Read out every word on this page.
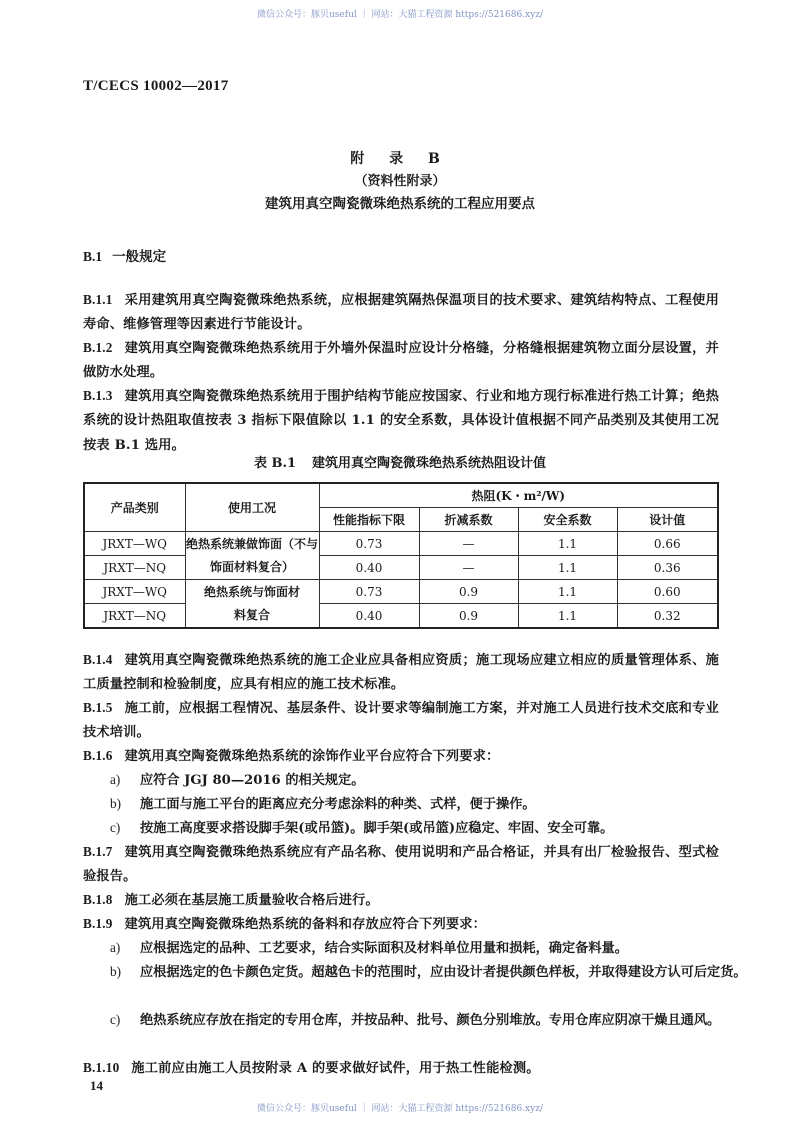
微信公众号：豚贝useful ｜ 网站：大猫工程资源 https://521686.xyz/
T/CECS 10002—2017
附 录 B
（资料性附录）
建筑用真空陶瓷微珠绝热系统的工程应用要点
B.1 一般规定
B.1.1 采用建筑用真空陶瓷微珠绝热系统，应根据建筑隔热保温项目的技术要求、建筑结构特点、工程使用寿命、维修管理等因素进行节能设计。
B.1.2 建筑用真空陶瓷微珠绝热系统用于外墙外保温时应设计分格缝，分格缝根据建筑物立面分层设置，并做防水处理。
B.1.3 建筑用真空陶瓷微珠绝热系统用于围护结构节能应按国家、行业和地方现行标准进行热工计算；绝热系统的设计热阻取值按表 3 指标下限值除以 1.1 的安全系数，具体设计值根据不同产品类别及其使用工况按表 B.1 选用。
表 B.1 建筑用真空陶瓷微珠绝热系统热阻设计值
产品类别	使用工况	热阻(K・m²/W)			
		性能指标下限	折减系数	安全系数	设计值
JRXT—WQ	绝热系统兼做饰面（不与饰面材料复合）	0.73	—	1.1	0.66
JRXT—NQ		0.40	—	1.1	0.36
JRXT—WQ	绝热系统与饰面材料复合	0.73	0.9	1.1	0.60
JRXT—NQ		0.40	0.9	1.1	0.32
B.1.4 建筑用真空陶瓷微珠绝热系统的施工企业应具备相应资质；施工现场应建立相应的质量管理体系、施工质量控制和检验制度，应具有相应的施工技术标准。
B.1.5 施工前，应根据工程情况、基层条件、设计要求等编制施工方案，并对施工人员进行技术交底和专业技术培训。
B.1.6 建筑用真空陶瓷微珠绝热系统的涂饰作业平台应符合下列要求：
a) 应符合 JGJ 80—2016 的相关规定。
b) 施工面与施工平台的距离应充分考虑涂料的种类、式样，便于操作。
c) 按施工高度要求搭设脚手架(或吊篮)。脚手架(或吊篮)应稳定、牢固、安全可靠。
B.1.7 建筑用真空陶瓷微珠绝热系统应有产品名称、使用说明和产品合格证，并具有出厂检验报告、型式检验报告。
B.1.8 施工必须在基层施工质量验收合格后进行。
B.1.9 建筑用真空陶瓷微珠绝热系统的备料和存放应符合下列要求：
a) 应根据选定的品种、工艺要求，结合实际面积及材料单位用量和损耗，确定备料量。
b) 应根据选定的色卡颜色定货。超越色卡的范围时，应由设计者提供颜色样板，并取得建设方认可后定货。
c) 绝热系统应存放在指定的专用仓库，并按品种、批号、颜色分别堆放。专用仓库应阴凉干燥且通风。
B.1.10 施工前应由施工人员按附录 A 的要求做好试件，用于热工性能检测。
14
微信公众号：豚贝useful ｜ 网站：大猫工程资源 https://521686.xyz/
